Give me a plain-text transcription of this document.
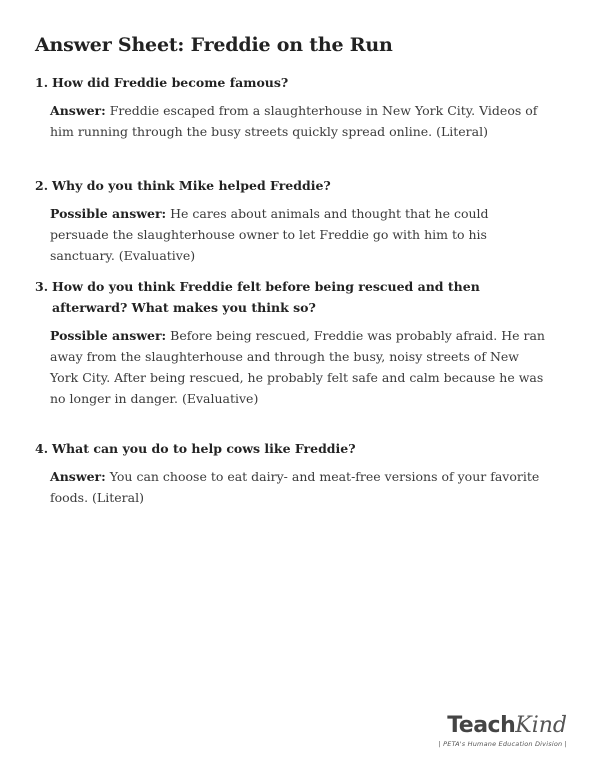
Answer Sheet: Freddie on the Run
1. How did Freddie become famous?
Answer: Freddie escaped from a slaughterhouse in New York City. Videos of him running through the busy streets quickly spread online. (Literal)
2. Why do you think Mike helped Freddie?
Possible answer: He cares about animals and thought that he could persuade the slaughterhouse owner to let Freddie go with him to his sanctuary. (Evaluative)
3. How do you think Freddie felt before being rescued and then afterward? What makes you think so?
Possible answer: Before being rescued, Freddie was probably afraid. He ran away from the slaughterhouse and through the busy, noisy streets of New York City. After being rescued, he probably felt safe and calm because he was no longer in danger. (Evaluative)
4. What can you do to help cows like Freddie?
Answer: You can choose to eat dairy- and meat-free versions of your favorite foods. (Literal)
TeachKind
| PETA's Humane Education Division |
